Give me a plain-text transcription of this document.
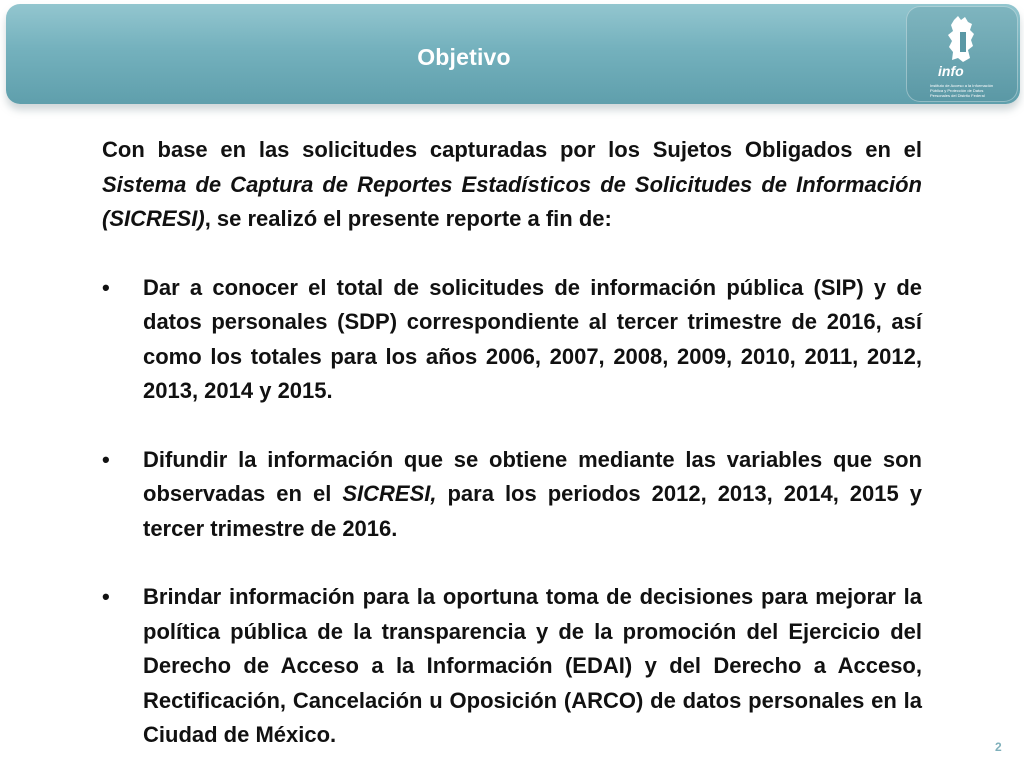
Objetivo
info
Instituto de Acceso a la Información Pública y Protección de Datos Personales del Distrito Federal

Con base en las solicitudes capturadas por los Sujetos Obligados en el Sistema de Captura de Reportes Estadísticos de Solicitudes de Información (SICRESI), se realizó el presente reporte a fin de:

• Dar a conocer el total de solicitudes de información pública (SIP) y de datos personales (SDP) correspondiente al tercer trimestre de 2016, así como los totales para los años 2006, 2007, 2008, 2009, 2010, 2011, 2012, 2013, 2014 y 2015.
• Difundir la información que se obtiene mediante las variables que son observadas en el SICRESI, para los periodos 2012, 2013, 2014, 2015 y tercer trimestre de 2016.
• Brindar información para la oportuna toma de decisiones para mejorar la política pública de la transparencia y de la promoción del Ejercicio del Derecho de Acceso a la Información (EDAI) y del Derecho a Acceso, Rectificación, Cancelación u Oposición (ARCO) de datos personales en la Ciudad de México.	2
